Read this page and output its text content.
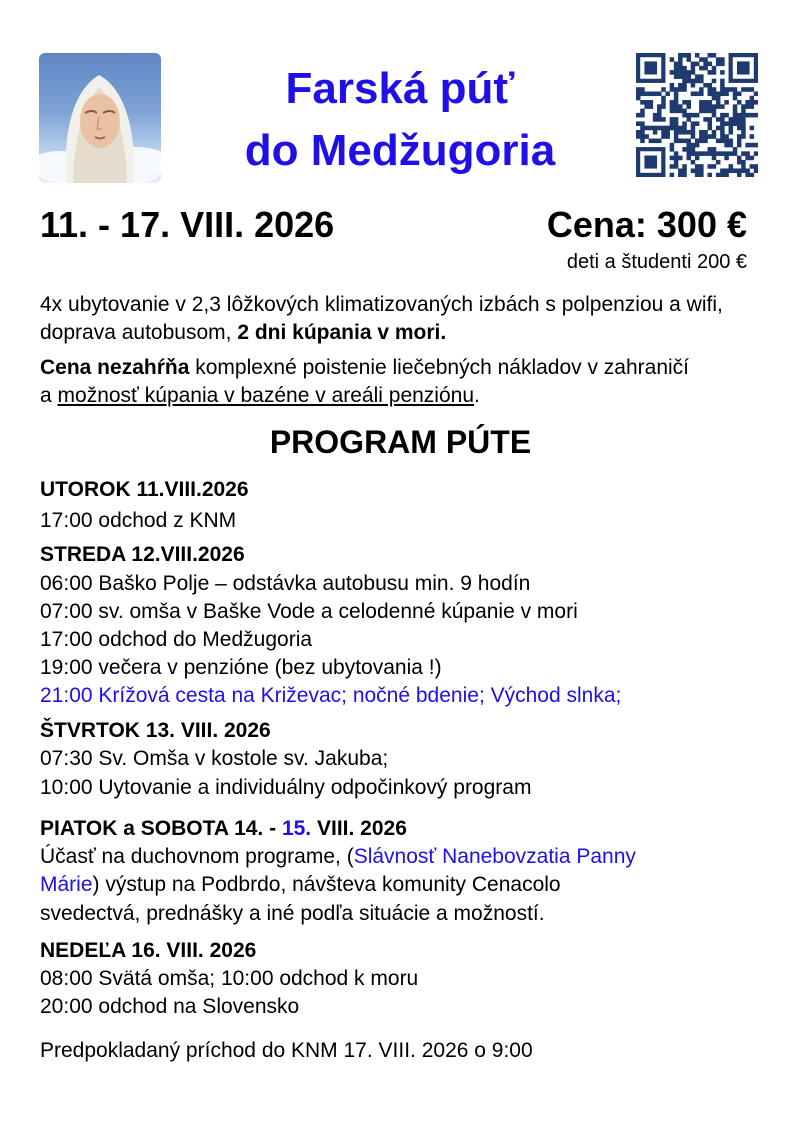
Farská púť
do Medžugoria
11. - 17. VIII. 2026	Cena: 300 €
deti a študenti 200 €
4x ubytovanie v 2,3 lôžkových klimatizovaných izbách s polpenziou a wifi, doprava autobusom, 2 dni kúpania v mori.
Cena nezahŕňa komplexné poistenie liečebných nákladov v zahraničí
a možnosť kúpania v bazéne v areáli penziónu.
PROGRAM PÚTE
UTOROK 11.VIII.2026
17:00 odchod z KNM
STREDA 12.VIII.2026
06:00 Baško Polje – odstávka autobusu min. 9 hodín
07:00 sv. omša v Baške Vode a celodenné kúpanie v mori
17:00 odchod do Medžugoria
19:00 večera v penzióne (bez ubytovania !)
21:00 Krížová cesta na Križevac; nočné bdenie; Východ slnka;
ŠTVRTOK 13. VIII. 2026
07:30 Sv. Omša v kostole sv. Jakuba;
10:00 Uytovanie a individuálny odpočinkový program
PIATOK a SOBOTA 14. - 15. VIII. 2026
Účasť na duchovnom programe, (Slávnosť Nanebovzatia Panny
Márie) výstup na Podbrdo, návšteva komunity Cenacolo
svedectvá, prednášky a iné podľa situácie a možností.
NEDEĽA 16. VIII. 2026
08:00 Svätá omša; 10:00 odchod k moru
20:00 odchod na Slovensko
Predpokladaný príchod do KNM 17. VIII. 2026 o 9:00
